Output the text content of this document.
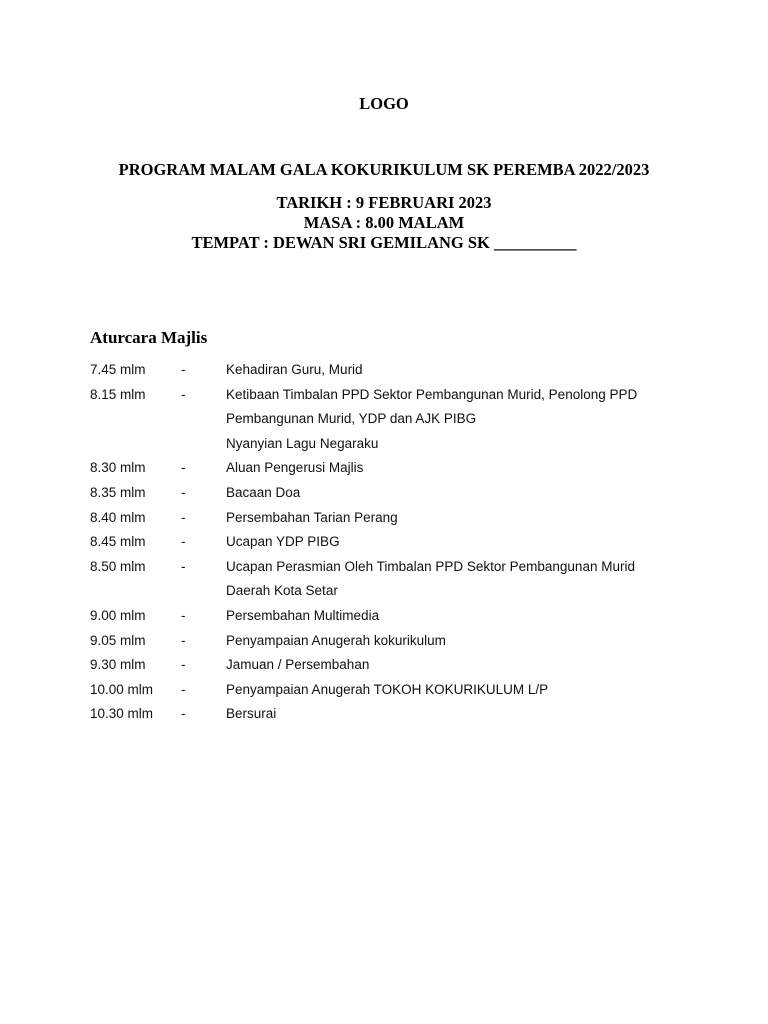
LOGO
PROGRAM MALAM GALA KOKURIKULUM SK PEREMBA 2022/2023
TARIKH : 9 FEBRUARI 2023
MASA : 8.00 MALAM
TEMPAT : DEWAN SRI GEMILANG SK __________
Aturcara Majlis
7.45 mlm	-	Kehadiran Guru, Murid
8.15 mlm	-	Ketibaan Timbalan PPD Sektor Pembangunan Murid, Penolong PPD
Pembangunan Murid, YDP dan AJK PIBG
Nyanyian Lagu Negaraku
8.30 mlm	-	Aluan Pengerusi Majlis
8.35 mlm	-	Bacaan Doa
8.40 mlm	-	Persembahan Tarian Perang
8.45 mlm	-	Ucapan YDP PIBG
8.50 mlm	-	Ucapan Perasmian Oleh Timbalan PPD Sektor Pembangunan Murid
Daerah Kota Setar
9.00 mlm	-	Persembahan Multimedia
9.05 mlm	-	Penyampaian Anugerah kokurikulum
9.30 mlm	-	Jamuan / Persembahan
10.00 mlm	-	Penyampaian Anugerah TOKOH KOKURIKULUM L/P
10.30 mlm	-	Bersurai
